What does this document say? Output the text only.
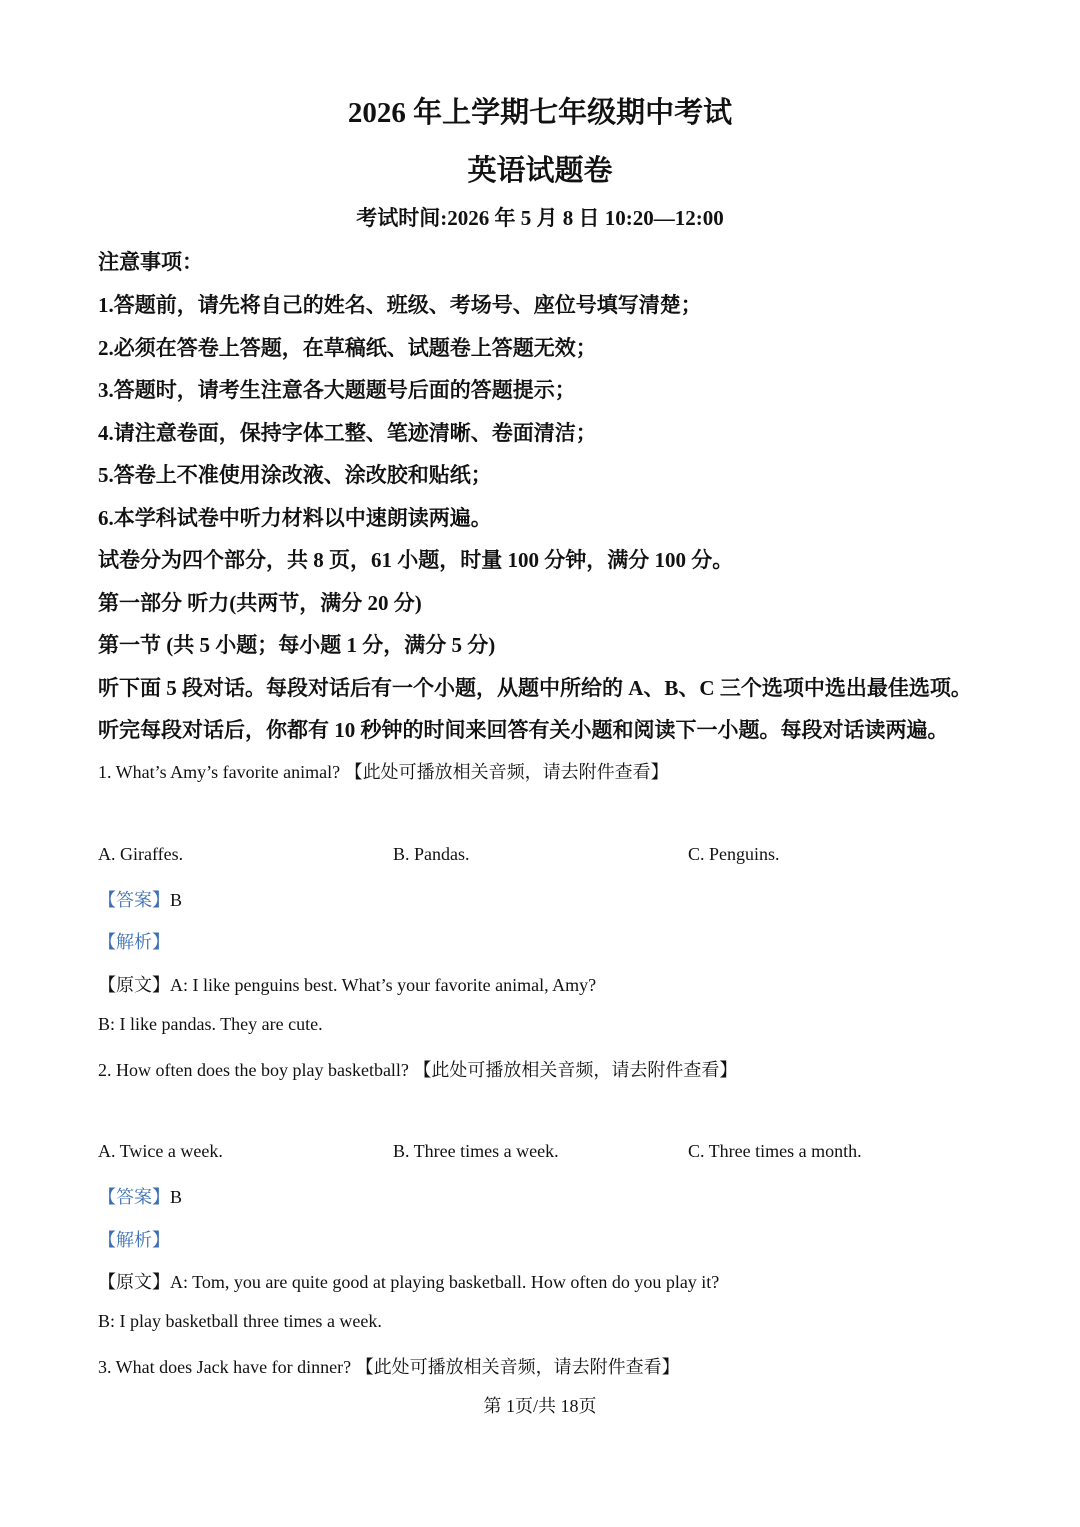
2026 年上学期七年级期中考试
英语试题卷
考试时间:2026 年 5 月 8 日 10:20—12:00
注意事项：
1.答题前，请先将自己的姓名、班级、考场号、座位号填写清楚；
2.必须在答卷上答题，在草稿纸、试题卷上答题无效；
3.答题时，请考生注意各大题题号后面的答题提示；
4.请注意卷面，保持字体工整、笔迹清晰、卷面清洁；
5.答卷上不准使用涂改液、涂改胶和贴纸；
6.本学科试卷中听力材料以中速朗读两遍。
试卷分为四个部分，共 8 页，61 小题，时量 100 分钟，满分 100 分。
第一部分 听力(共两节，满分 20 分)
第一节 (共 5 小题；每小题 1 分，满分 5 分)
听下面 5 段对话。每段对话后有一个小题，从题中所给的 A、B、C 三个选项中选出最佳选项。
听完每段对话后，你都有 10 秒钟的时间来回答有关小题和阅读下一小题。每段对话读两遍。
1. What’s Amy’s favorite animal? 【此处可播放相关音频，请去附件查看】
A. Giraffes.	B. Pandas.	C. Penguins.
【答案】B
【解析】
【原文】A: I like penguins best. What’s your favorite animal, Amy?
B: I like pandas. They are cute.
2. How often does the boy play basketball? 【此处可播放相关音频，请去附件查看】
A. Twice a week.	B. Three times a week.	C. Three times a month.
【答案】B
【解析】
【原文】A: Tom, you are quite good at playing basketball. How often do you play it?
B: I play basketball three times a week.
3. What does Jack have for dinner? 【此处可播放相关音频，请去附件查看】
第 1页/共 18页
